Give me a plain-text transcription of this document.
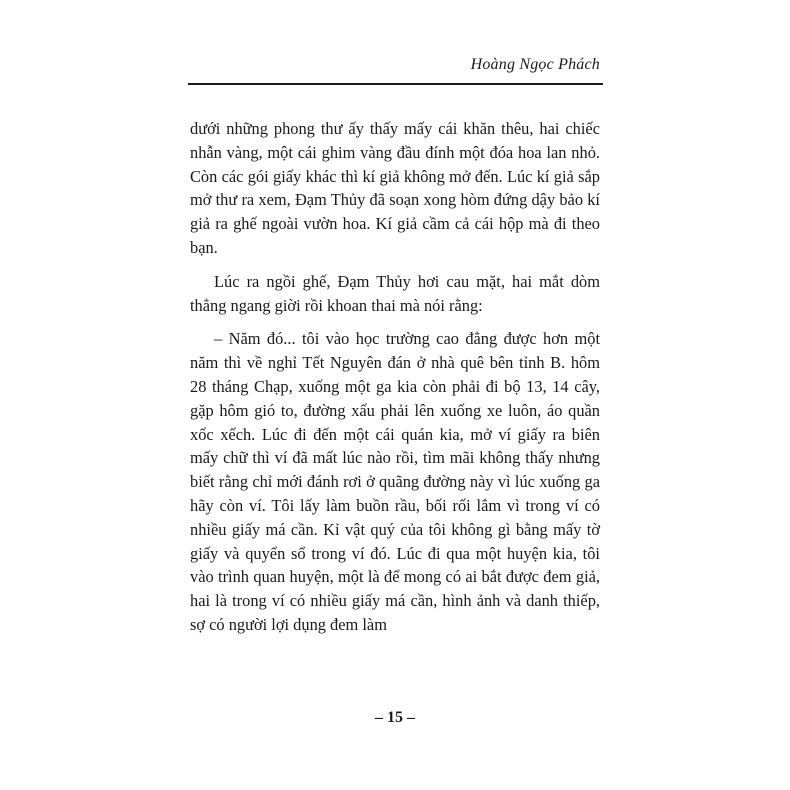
Hoàng Ngọc Phách

dưới những phong thư ấy thấy mấy cái khăn thêu, hai chiếc nhẫn vàng, một cái ghim vàng đầu đính một đóa hoa lan nhỏ. Còn các gói giấy khác thì kí giả không mở đến. Lúc kí giả sắp mở thư ra xem, Đạm Thủy đã soạn xong hòm đứng dậy bảo kí giả ra ghế ngoài vườn hoa. Kí giả cầm cả cái hộp mà đi theo bạn.

Lúc ra ngồi ghế, Đạm Thủy hơi cau mặt, hai mắt dòm thẳng ngang giời rồi khoan thai mà nói rằng:

– Năm đó... tôi vào học trường cao đẳng được hơn một năm thì về nghỉ Tết Nguyên đán ở nhà quê bên tỉnh B. hôm 28 tháng Chạp, xuống một ga kia còn phải đi bộ 13, 14 cây, gặp hôm gió to, đường xấu phải lên xuống xe luôn, áo quần xốc xếch. Lúc đi đến một cái quán kia, mở ví giấy ra biên mấy chữ thì ví đã mất lúc nào rồi, tìm mãi không thấy nhưng biết rằng chỉ mới đánh rơi ở quãng đường này vì lúc xuống ga hãy còn ví. Tôi lấy làm buồn rầu, bối rối lắm vì trong ví có nhiều giấy má cần. Kỉ vật quý của tôi không gì bằng mấy tờ giấy và quyển sổ trong ví đó. Lúc đi qua một huyện kia, tôi vào trình quan huyện, một là để mong có ai bắt được đem giả, hai là trong ví có nhiều giấy má cần, hình ảnh và danh thiếp, sợ có người lợi dụng đem làm

– 15 –
